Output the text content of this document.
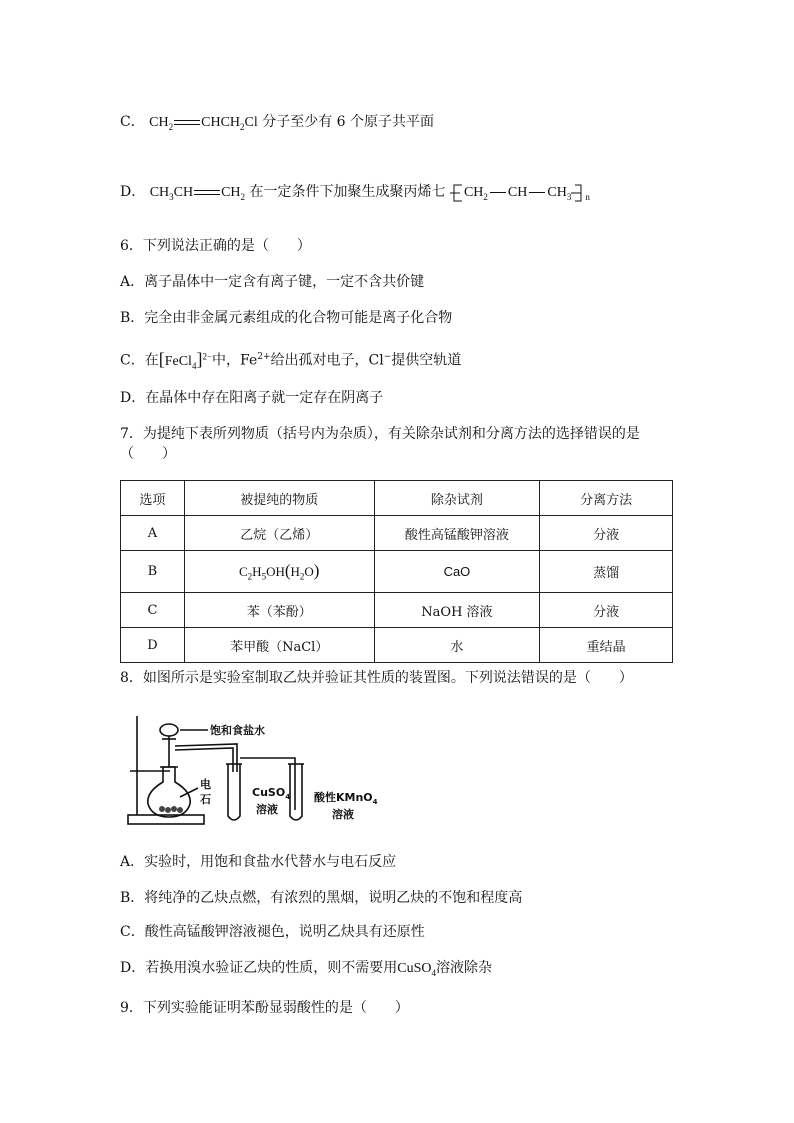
C． $CH_2$ $CHCH_2Cl$ 分子至少有 6 个原子共平面
D． $CH_3CH$ $CH_2$ 在一定条件下加聚生成聚丙烯七 $CH_2$ CH $CH_3$ $_n$
6．下列说法正确的是（　　）
A．离子晶体中一定含有离子键，一定不含共价键
B．完全由非金属元素组成的化合物可能是离子化合物
C．在[FeCl$_4$]$^{2-}$中，$Fe^{2+}$给出孤对电子，Cl−提供空轨道
D．在晶体中存在阳离子就一定存在阴离子
7．为提纯下表所列物质（括号内为杂质），有关除杂试剂和分离方法的选择错误的是
（　　）
选项	被提纯的物质	除杂试剂	分离方法
A	乙烷（乙烯）	酸性高锰酸钾溶液	分液
B	$C_2H_5OH(H_2O)$	CaO	蒸馏
C	苯（苯酚）	NaOH 溶液	分液
D	苯甲酸（NaCl）	水	重结晶
8．如图所示是实验室制取乙炔并验证其性质的装置图。下列说法错误的是（　　）
饱和食盐水
电
石
CuSO$_4$
溶液
酸性KMnO$_4$
溶液
A．实验时，用饱和食盐水代替水与电石反应
B．将纯净的乙炔点燃，有浓烈的黑烟，说明乙炔的不饱和程度高
C．酸性高锰酸钾溶液褪色，说明乙炔具有还原性
D．若换用溴水验证乙炔的性质，则不需要用CuSO$_4$溶液除杂
9．下列实验能证明苯酚显弱酸性的是（　　）
